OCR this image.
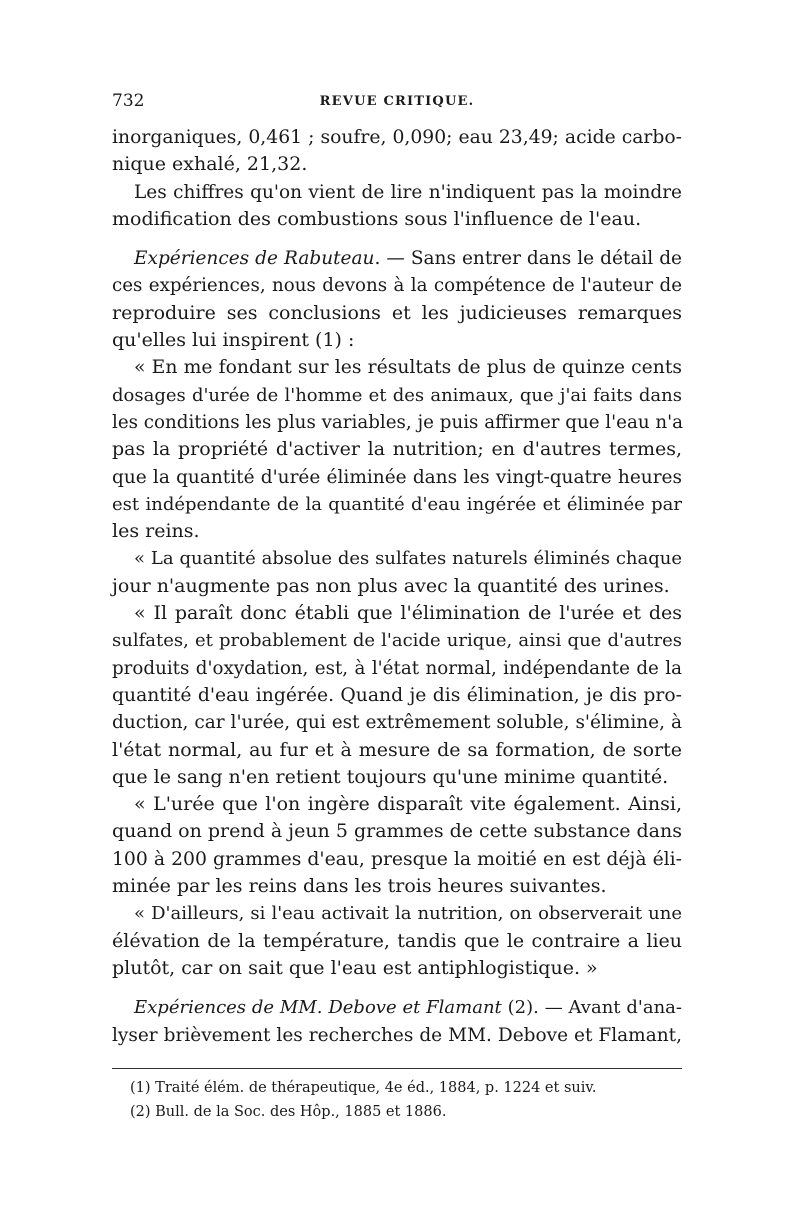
732	REVUE CRITIQUE.
inorganiques, 0,461 ; soufre, 0,090; eau 23,49; acide carbo-
nique exhalé, 21,32.
Les chiffres qu'on vient de lire n'indiquent pas la moindre
modification des combustions sous l'influence de l'eau.
Expériences de Rabuteau. — Sans entrer dans le détail de
ces expériences, nous devons à la compétence de l'auteur de
reproduire ses conclusions et les judicieuses remarques
qu'elles lui inspirent (1) :
« En me fondant sur les résultats de plus de quinze cents
dosages d'urée de l'homme et des animaux, que j'ai faits dans
les conditions les plus variables, je puis affirmer que l'eau n'a
pas la propriété d'activer la nutrition; en d'autres termes,
que la quantité d'urée éliminée dans les vingt-quatre heures
est indépendante de la quantité d'eau ingérée et éliminée par
les reins.
« La quantité absolue des sulfates naturels éliminés chaque
jour n'augmente pas non plus avec la quantité des urines.
« Il paraît donc établi que l'élimination de l'urée et des
sulfates, et probablement de l'acide urique, ainsi que d'autres
produits d'oxydation, est, à l'état normal, indépendante de la
quantité d'eau ingérée. Quand je dis élimination, je dis pro-
duction, car l'urée, qui est extrêmement soluble, s'élimine, à
l'état normal, au fur et à mesure de sa formation, de sorte
que le sang n'en retient toujours qu'une minime quantité.
« L'urée que l'on ingère disparaît vite également. Ainsi,
quand on prend à jeun 5 grammes de cette substance dans
100 à 200 grammes d'eau, presque la moitié en est déjà éli-
minée par les reins dans les trois heures suivantes.
« D'ailleurs, si l'eau activait la nutrition, on observerait une
élévation de la température, tandis que le contraire a lieu
plutôt, car on sait que l'eau est antiphlogistique. »
Expériences de MM. Debove et Flamant (2). — Avant d'ana-
lyser brièvement les recherches de MM. Debove et Flamant,
(1) Traité élém. de thérapeutique, 4e éd., 1884, p. 1224 et suiv.
(2) Bull. de la Soc. des Hôp., 1885 et 1886.
